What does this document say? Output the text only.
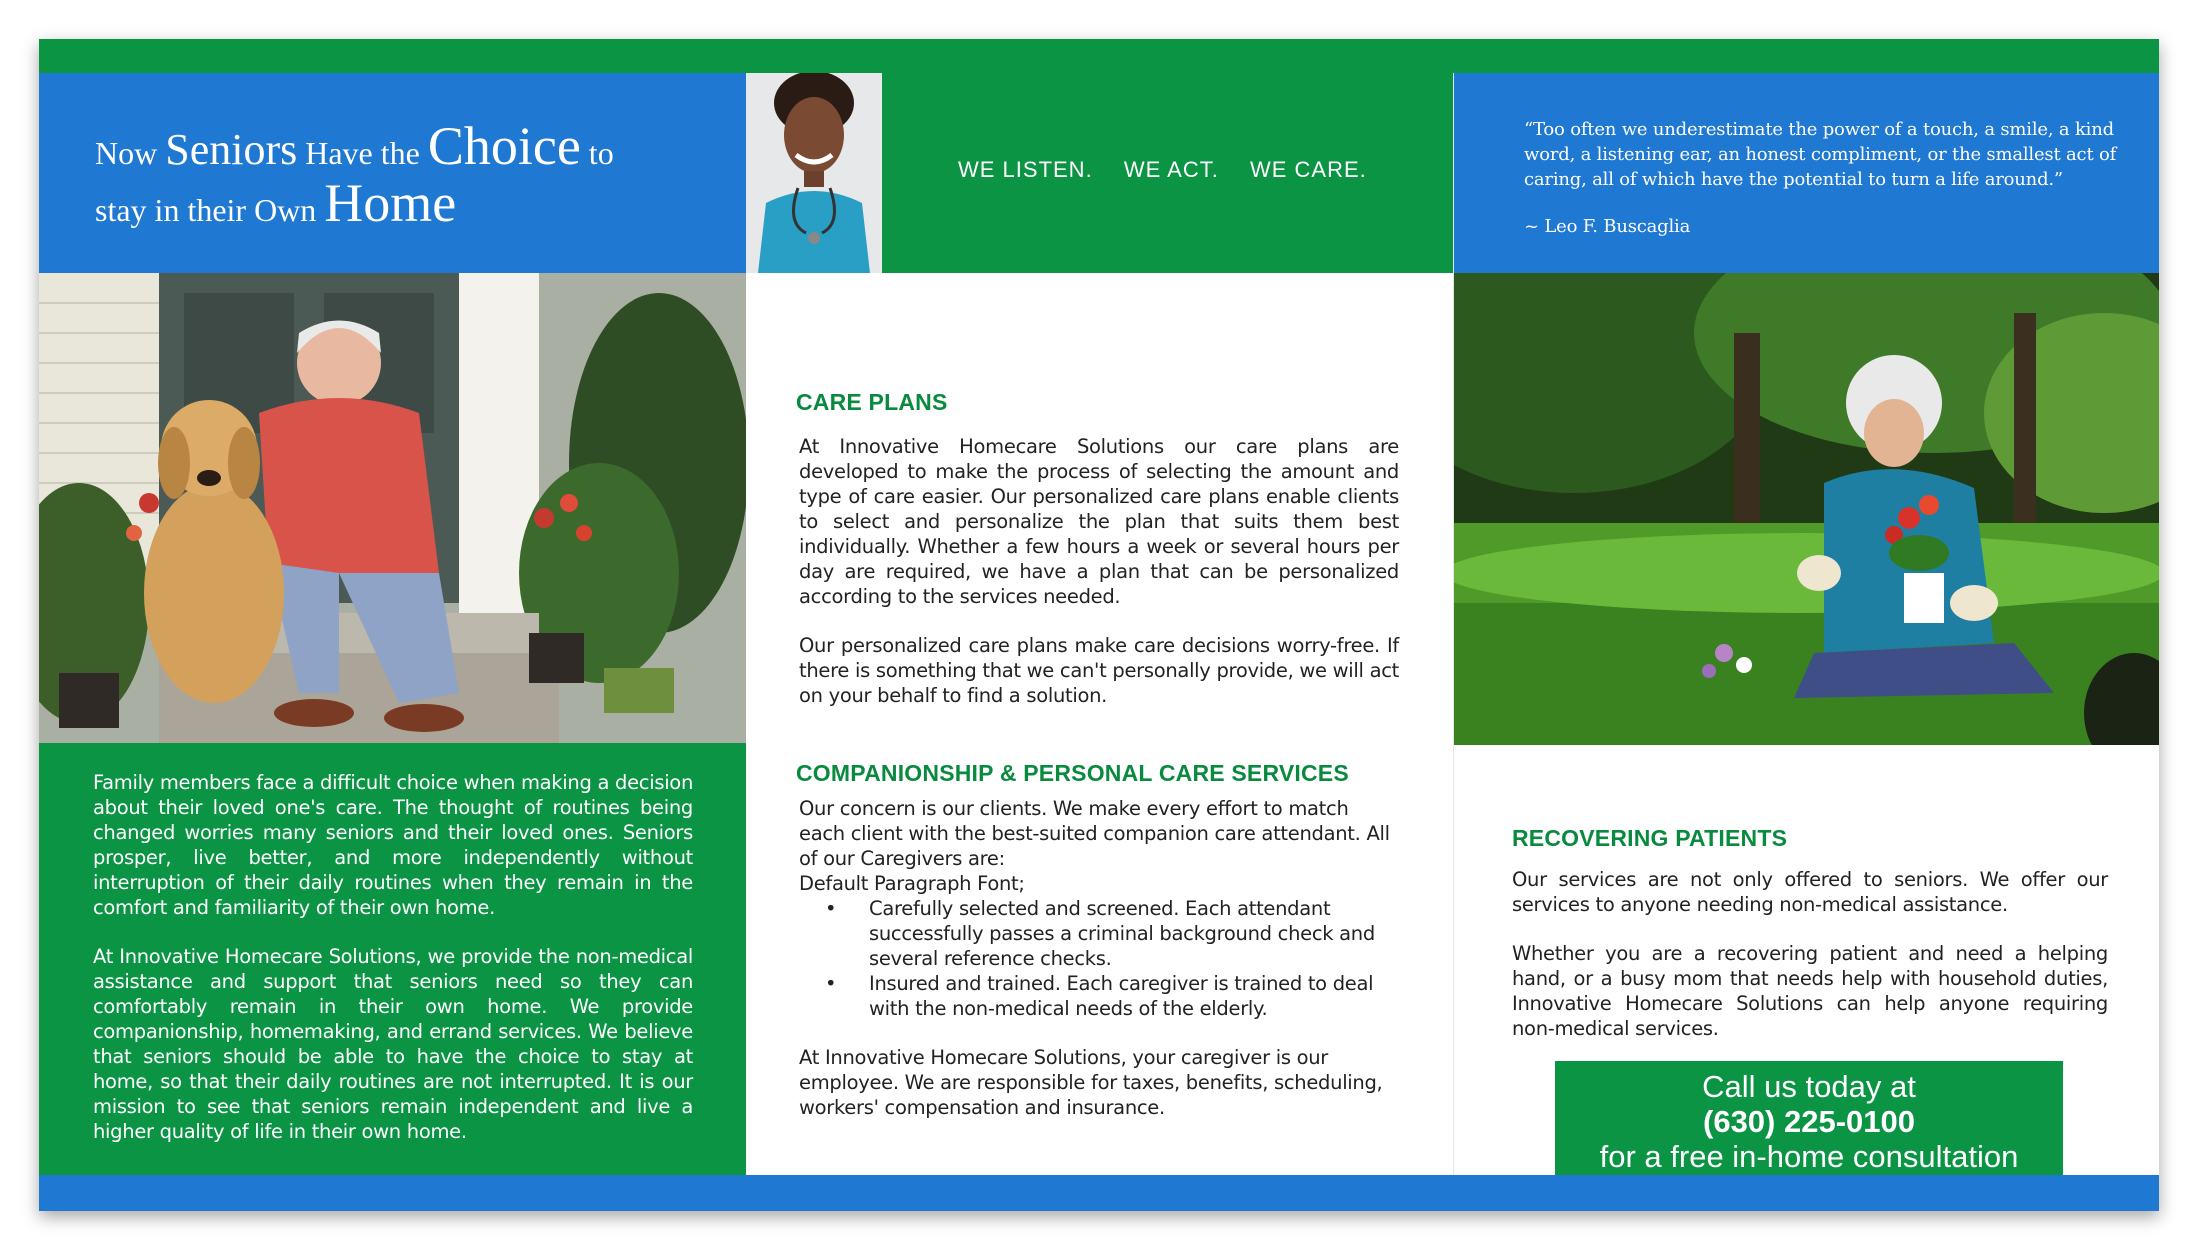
Now Seniors Have the Choice to
stay in their Own Home

Family members face a difficult choice when making a decision about their loved one's care. The thought of routines being changed worries many seniors and their loved ones. Seniors prosper, live better, and more independently without interruption of their daily routines when they remain in the comfort and familiarity of their own home.

At Innovative Homecare Solutions, we provide the non-medical assistance and support that seniors need so they can comfortably remain in their own home. We provide companionship, homemaking, and errand services. We believe that seniors should be able to have the choice to stay at home, so that their daily routines are not interrupted. It is our mission to see that seniors remain independent and live a higher quality of life in their own home.

WE LISTEN. WE ACT. WE CARE.
CARE PLANS

At Innovative Homecare Solutions our care plans are developed to make the process of selecting the amount and type of care easier. Our personalized care plans enable clients to select and personalize the plan that suits them best individually. Whether a few hours a week or several hours per day are required, we have a plan that can be personalized according to the services needed.

Our personalized care plans make care decisions worry-free. If there is something that we can't personally provide, we will act on your behalf to find a solution.

COMPANIONSHIP & PERSONAL CARE SERVICES
Our concern is our clients. We make every effort to match each client with the best-suited companion care attendant. All of our Caregivers are:
Default Paragraph Font;
• Carefully selected and screened. Each attendant successfully passes a criminal background check and several reference checks.
• Insured and trained. Each caregiver is trained to deal with the non-medical needs of the elderly.

At Innovative Homecare Solutions, your caregiver is our employee. We are responsible for taxes, benefits, scheduling, workers' compensation and insurance.

“Too often we underestimate the power of a touch, a smile, a kind word, a listening ear, an honest compliment, or the smallest act of caring, all of which have the potential to turn a life around.”

~ Leo F. Buscaglia

RECOVERING PATIENTS

Our services are not only offered to seniors. We offer our services to anyone needing non-medical assistance.

Whether you are a recovering patient and need a helping hand, or a busy mom that needs help with household duties, Innovative Homecare Solutions can help anyone requiring non-medical services.

Call us today at
(630) 225-0100
for a free in-home consultation
